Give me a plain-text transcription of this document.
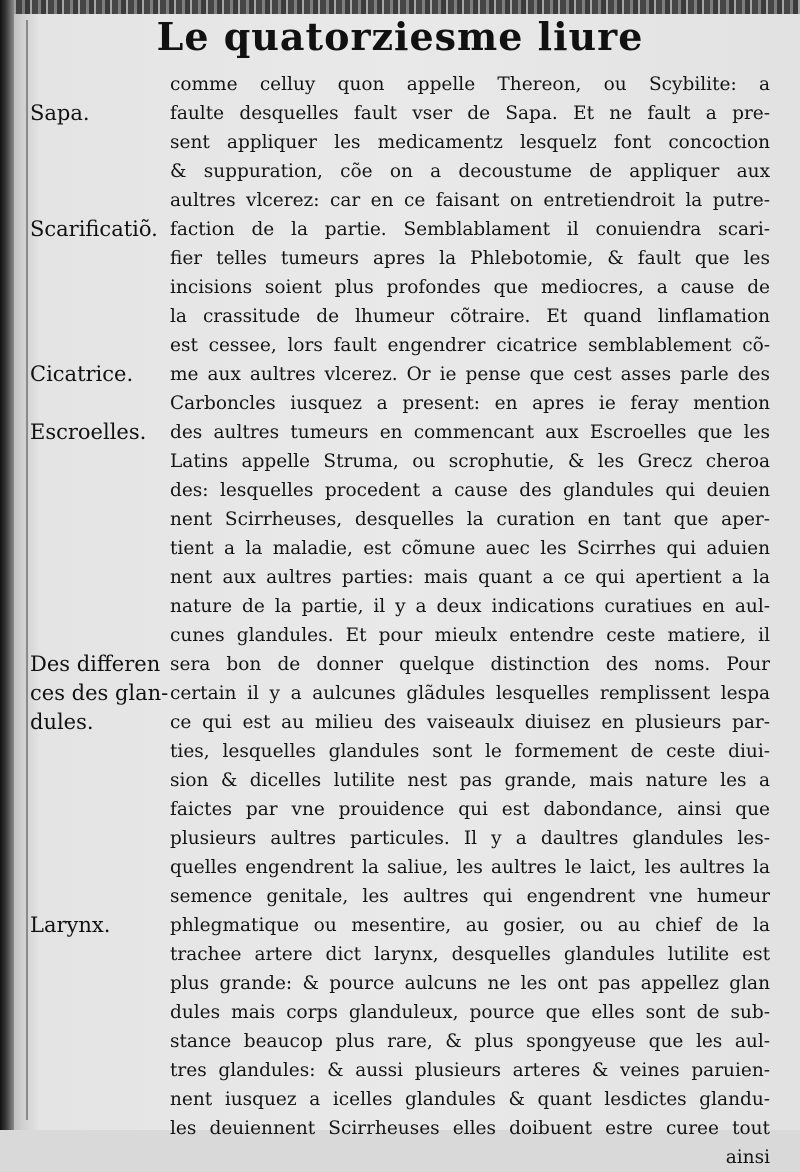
Le quatorziesme liure
Sapa.
Scarificatiõ.
Cicatrice.
Escroelles.
Des differen
ces des glan-
dules.
Larynx.
comme celluy quon appelle Thereon, ou Scybilite: a
faulte desquelles fault vser de Sapa. Et ne fault a pre-
sent appliquer les medicamentz lesquelz font concoction
& suppuration, cõe on a decoustume de appliquer aux
aultres vlcerez: car en ce faisant on entretiendroit la putre-
faction de la partie. Semblablament il conuiendra scari-
fier telles tumeurs apres la Phlebotomie, & fault que les
incisions soient plus profondes que mediocres, a cause de
la crassitude de lhumeur cõtraire. Et quand linflamation
est cessee, lors fault engendrer cicatrice semblablement cõ-
me aux aultres vlcerez. Or ie pense que cest asses parle des
Carboncles iusquez a present: en apres ie feray mention
des aultres tumeurs en commencant aux Escroelles que les
Latins appelle Struma, ou scrophutie, & les Grecz cheroa
des: lesquelles procedent a cause des glandules qui deuien
nent Scirrheuses, desquelles la curation en tant que aper-
tient a la maladie, est cõmune auec les Scirrhes qui aduien
nent aux aultres parties: mais quant a ce qui apertient a la
nature de la partie, il y a deux indications curatiues en aul-
cunes glandules. Et pour mieulx entendre ceste matiere, il
sera bon de donner quelque distinction des noms. Pour
certain il y a aulcunes glãdules lesquelles remplissent lespa
ce qui est au milieu des vaiseaulx diuisez en plusieurs par-
ties, lesquelles glandules sont le formement de ceste diui-
sion & dicelles lutilite nest pas grande, mais nature les a
faictes par vne prouidence qui est dabondance, ainsi que
plusieurs aultres particules. Il y a daultres glandules les-
quelles engendrent la saliue, les aultres le laict, les aultres la
semence genitale, les aultres qui engendrent vne humeur
phlegmatique ou mesentire, au gosier, ou au chief de la
trachee artere dict larynx, desquelles glandules lutilite est
plus grande: & pource aulcuns ne les ont pas appellez glan
dules mais corps glanduleux, pource que elles sont de sub-
stance beaucop plus rare, & plus spongyeuse que les aul-
tres glandules: & aussi plusieurs arteres & veines paruien-
nent iusquez a icelles glandules & quant lesdictes glandu-
les deuiennent Scirrheuses elles doibuent estre curee tout
ainsi
